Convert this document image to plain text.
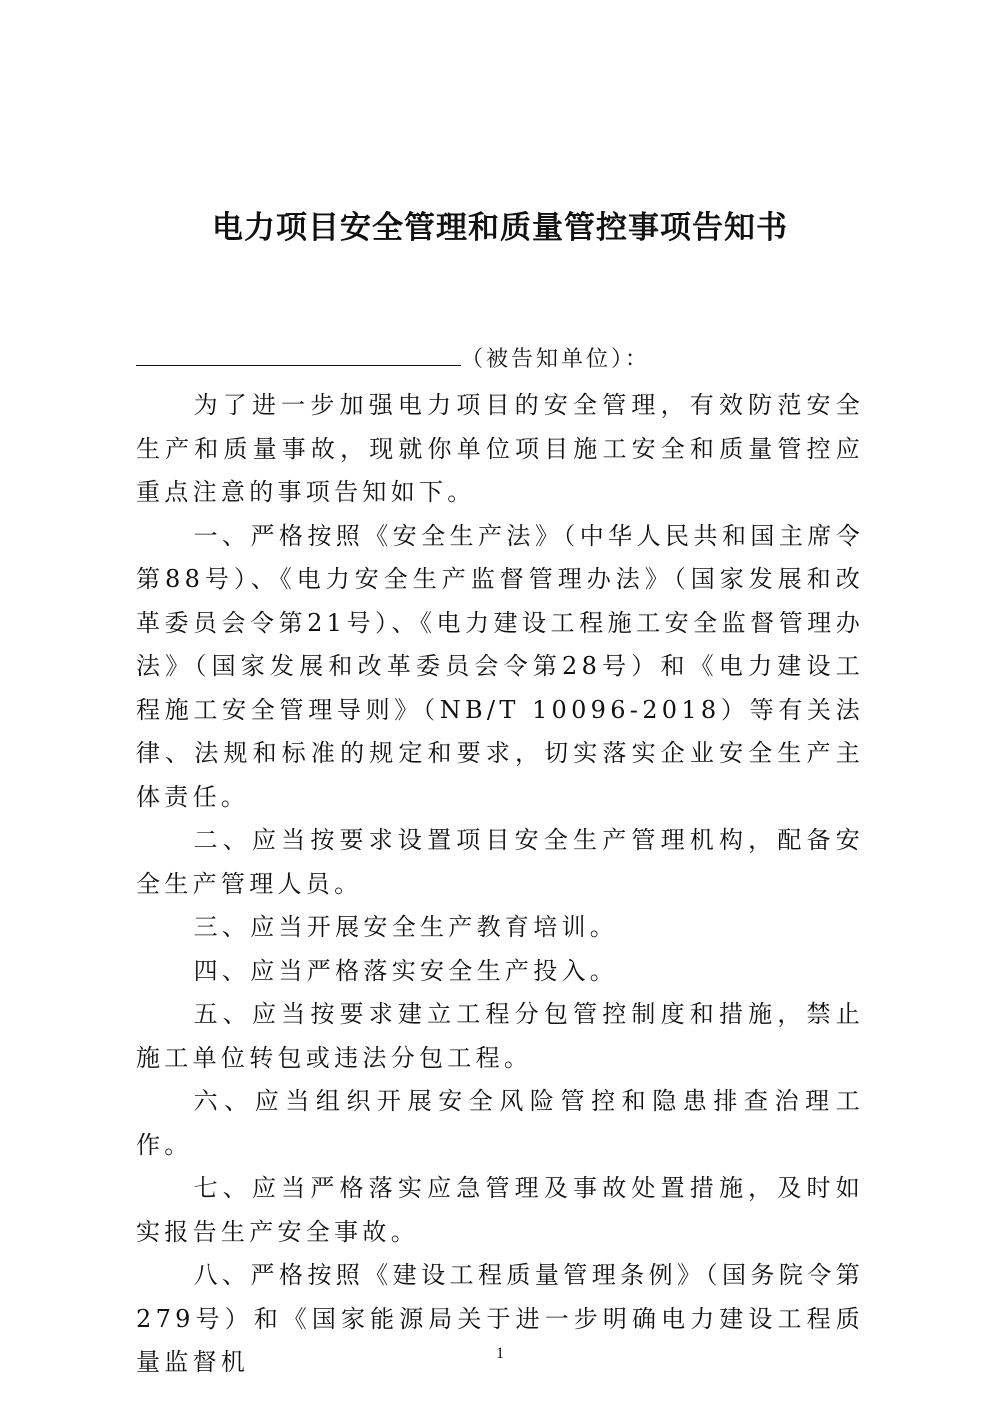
电力项目安全管理和质量管控事项告知书
（被告知单位）：

为了进一步加强电力项目的安全管理，有效防范安全生产和质量事故，现就你单位项目施工安全和质量管控应重点注意的事项告知如下。

一、严格按照《安全生产法》（中华人民共和国主席令 第88号）、《电力安全生产监督管理办法》（国家发展和改革委员会令第21号）、《电力建设工程施工安全监督管理办法》（国家发展和改革委员会令第28号）和《电力建设工程施工安全管理导则》（NB/T 10096-2018）等有关法律、法规和标准的规定和要求，切实落实企业安全生产主体责任。

二、应当按要求设置项目安全生产管理机构，配备安全生产管理人员。

三、应当开展安全生产教育培训。

四、应当严格落实安全生产投入。

五、应当按要求建立工程分包管控制度和措施，禁止施工单位转包或违法分包工程。

六、应当组织开展安全风险管控和隐患排查治理工作。

七、应当严格落实应急管理及事故处置措施，及时如实报告生产安全事故。

八、严格按照《建设工程质量管理条例》（国务院令第279号）和《国家能源局关于进一步明确电力建设工程质量监督机	1
